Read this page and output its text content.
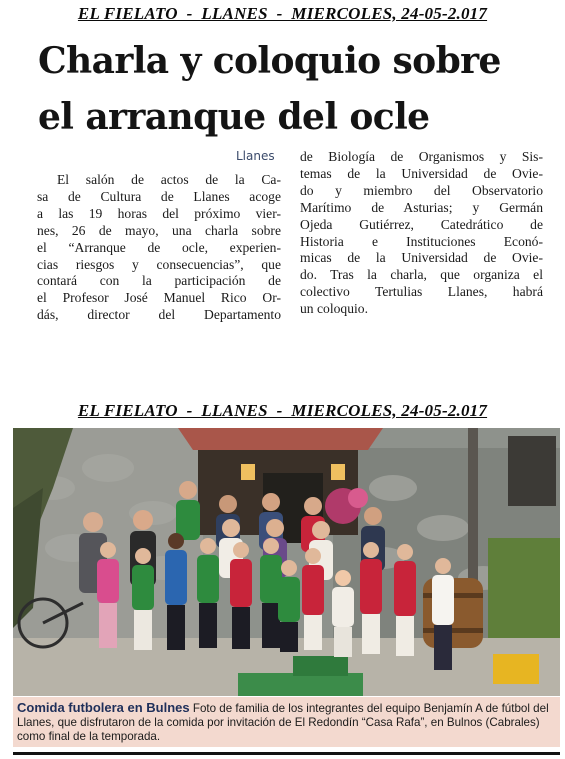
EL FIELATO  -  LLANES  -  MIERCOLES, 24-05-2.017
Charla y coloquio sobre
el arranque del ocle
Llanes
El salón de actos de la Ca-
sa de Cultura de Llanes acoge
a las 19 horas del próximo vier-
nes, 26 de mayo, una charla sobre
el “Arranque de ocle, experien-
cias riesgos y consecuencias”, que
contará con la participación de
el Profesor José Manuel Rico Or-
dás, director del Departamento
de Biología de Organismos y Sis-
temas de la Universidad de Ovie-
do y miembro del Observatorio
Marítimo de Asturias; y Germán
Ojeda Gutiérrez, Catedrático de
Historia e Instituciones Econó-
micas de la Universidad de Ovie-
do. Tras la charla, que organiza el
colectivo Tertulias Llanes, habrá
un coloquio.
EL FIELATO  -  LLANES  -  MIERCOLES, 24-05-2.017
Comida futbolera en Bulnes Foto de familia de los integrantes del equipo Benjamín A de fútbol del Llanes, que disfrutaron de la comida por invitación de El Redondín “Casa Rafa”, en Bulnos (Cabrales) como final de la temporada.
